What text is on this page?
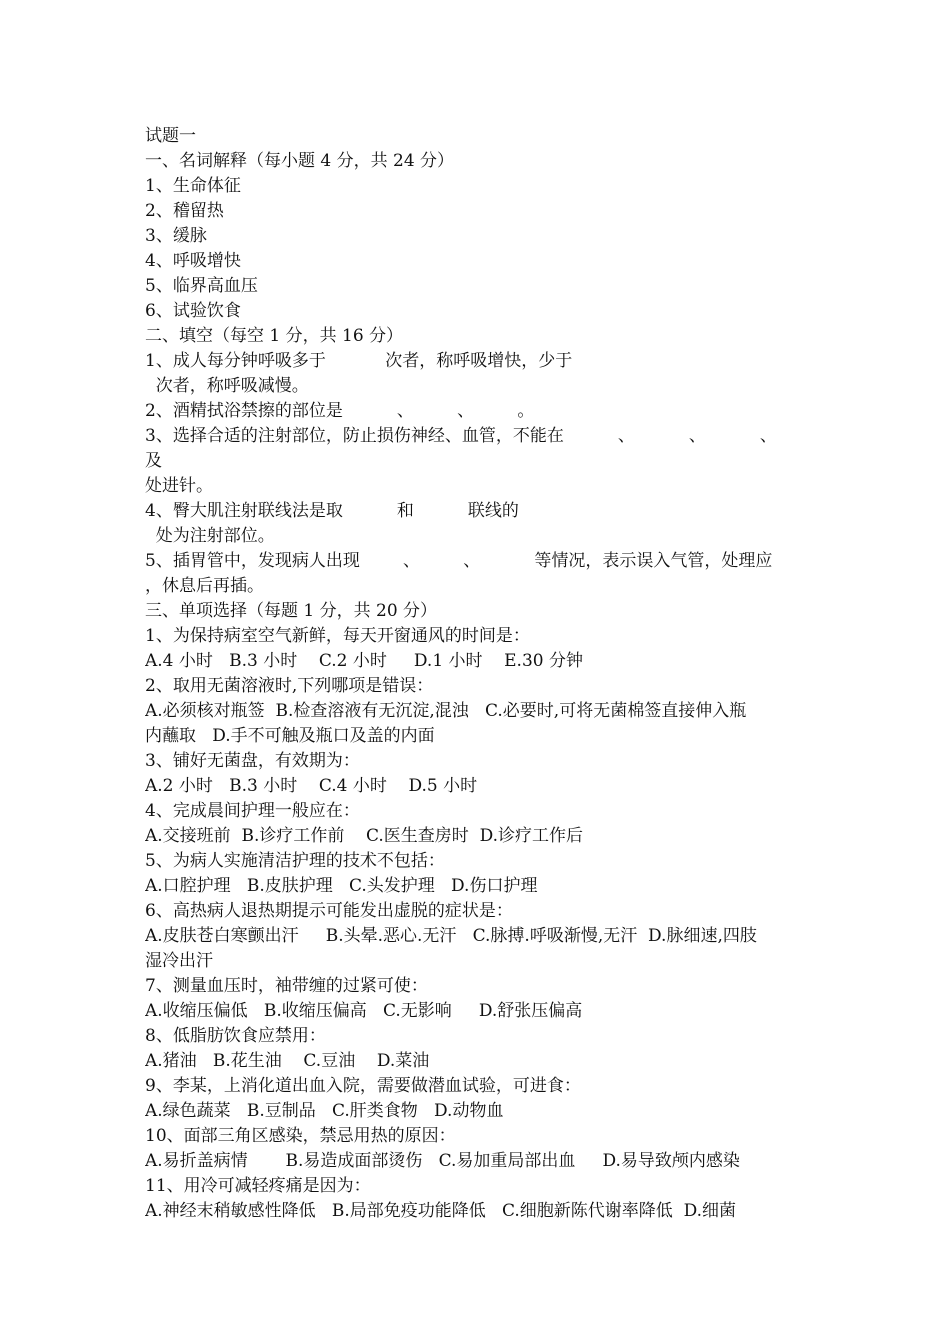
试题一
一、名词解释（每小题 4 分，共 24 分）
1、生命体征
2、稽留热
3、缓脉
4、呼吸增快
5、临界高血压
6、试验饮食
二、填空（每空 1 分，共 16 分）
1、成人每分钟呼吸多于           次者，称呼吸增快，少于
次者，称呼吸减慢。
2、酒精拭浴禁擦的部位是          、        、        。
3、选择合适的注射部位，防止损伤神经、血管，不能在          、          、          、
及
处进针。
4、臀大肌注射联线法是取          和          联线的
处为注射部位。
5、插胃管中，发现病人出现        、        、          等情况，表示误入气管，处理应
，休息后再插。
三、单项选择（每题 1 分，共 20 分）
1、为保持病室空气新鲜，每天开窗通风的时间是：
A.4 小时   B.3 小时    C.2 小时     D.1 小时    E.30 分钟
2、取用无菌溶液时,下列哪项是错误：
A.必须核对瓶签  B.检查溶液有无沉淀,混浊   C.必要时,可将无菌棉签直接伸入瓶
内蘸取   D.手不可触及瓶口及盖的内面
3、铺好无菌盘，有效期为：
A.2 小时   B.3 小时    C.4 小时    D.5 小时
4、完成晨间护理一般应在：
A.交接班前  B.诊疗工作前    C.医生查房时  D.诊疗工作后
5、为病人实施清洁护理的技术不包括：
A.口腔护理   B.皮肤护理   C.头发护理   D.伤口护理
6、高热病人退热期提示可能发出虚脱的症状是：
A.皮肤苍白寒颤出汗     B.头晕.恶心.无汗   C.脉搏.呼吸渐慢,无汗  D.脉细速,四肢
湿冷出汗
7、测量血压时，袖带缠的过紧可使：
A.收缩压偏低   B.收缩压偏高   C.无影响     D.舒张压偏高
8、低脂肪饮食应禁用：
A.猪油   B.花生油    C.豆油    D.菜油
9、李某，上消化道出血入院，需要做潜血试验，可进食：
A.绿色蔬菜   B.豆制品   C.肝类食物   D.动物血
10、面部三角区感染，禁忌用热的原因：
A.易折盖病情       B.易造成面部烫伤   C.易加重局部出血     D.易导致颅内感染
11、用冷可减轻疼痛是因为：
A.神经末稍敏感性降低   B.局部免疫功能降低   C.细胞新陈代谢率降低  D.细菌
